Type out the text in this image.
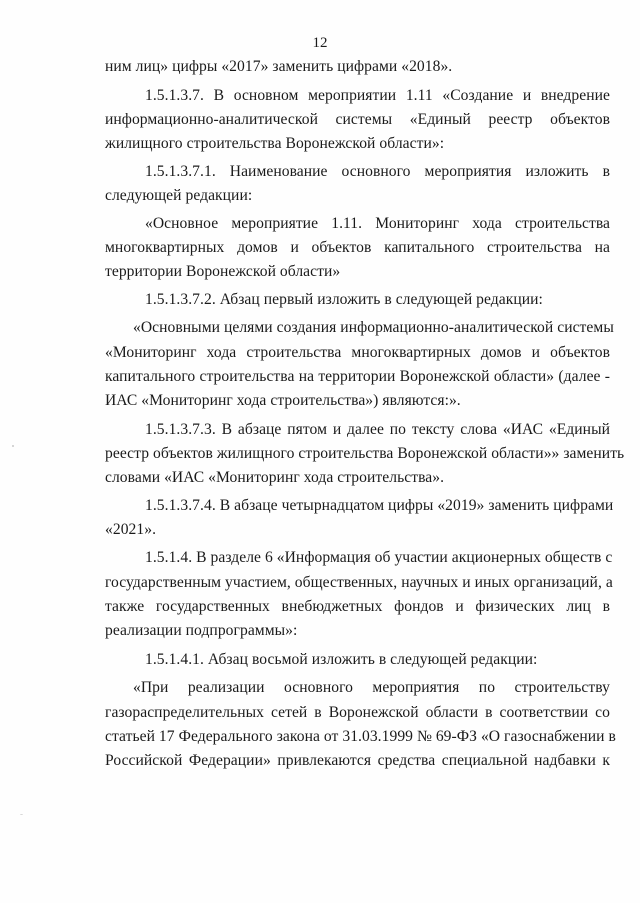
12
ним лиц» цифры «2017» заменить цифрами «2018».
1.5.1.3.7. В основном мероприятии 1.11 «Создание и внедрение
информационно-аналитической системы «Единый реестр объектов
жилищного строительства Воронежской области»:
1.5.1.3.7.1. Наименование основного мероприятия изложить в
следующей редакции:
«Основное мероприятие 1.11. Мониторинг хода строительства
многоквартирных домов и объектов капитального строительства на
территории Воронежской области»
1.5.1.3.7.2. Абзац первый изложить в следующей редакции:
«Основными целями создания информационно-аналитической системы
«Мониторинг хода строительства многоквартирных домов и объектов
капитального строительства на территории Воронежской области» (далее -
ИАС «Мониторинг хода строительства») являются:».
1.5.1.3.7.3. В абзаце пятом и далее по тексту слова «ИАС «Единый
реестр объектов жилищного строительства Воронежской области»» заменить
словами «ИАС «Мониторинг хода строительства».
1.5.1.3.7.4. В абзаце четырнадцатом цифры «2019» заменить цифрами
«2021».
1.5.1.4. В разделе 6 «Информация об участии акционерных обществ с
государственным участием, общественных, научных и иных организаций, а
также государственных внебюджетных фондов и физических лиц в
реализации подпрограммы»:
1.5.1.4.1. Абзац восьмой изложить в следующей редакции:
«При реализации основного мероприятия по строительству
газораспределительных сетей в Воронежской области в соответствии со
статьей 17 Федерального закона от 31.03.1999 № 69-ФЗ «О газоснабжении в
Российской Федерации» привлекаются средства специальной надбавки к
